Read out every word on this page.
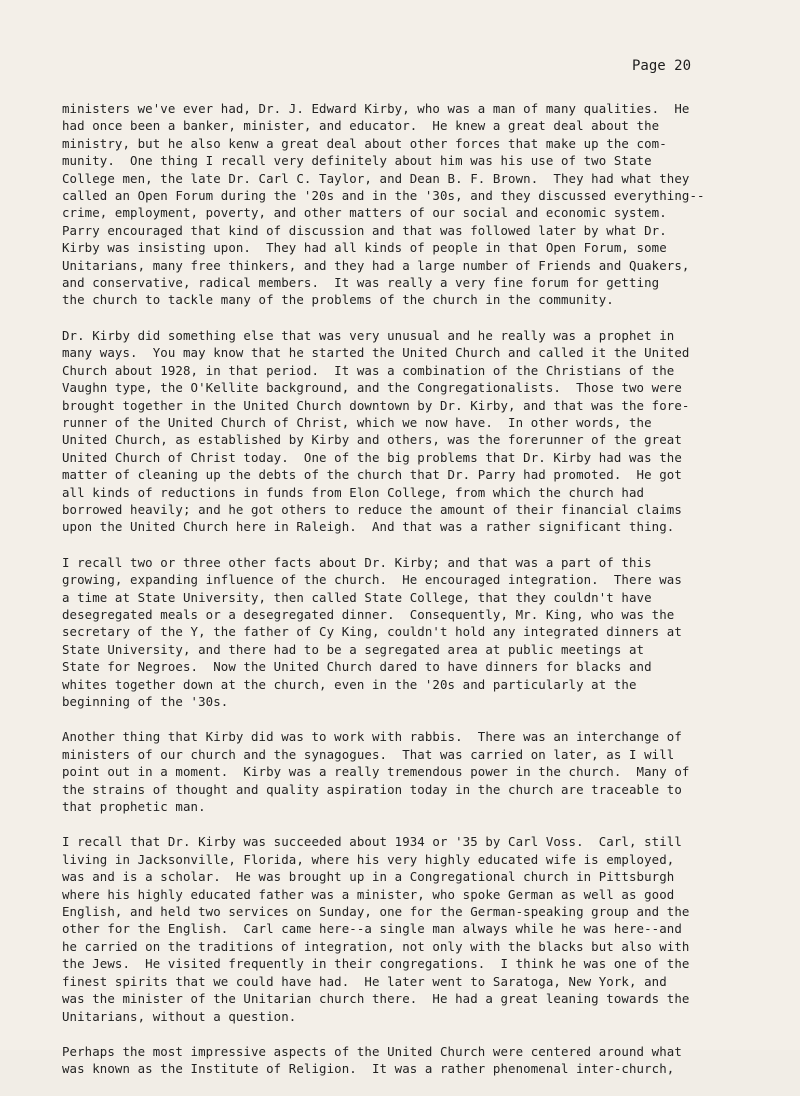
Page 20

ministers we've ever had, Dr. J. Edward Kirby, who was a man of many qualities.  He
had once been a banker, minister, and educator.  He knew a great deal about the
ministry, but he also kenw a great deal about other forces that make up the com-
munity.  One thing I recall very definitely about him was his use of two State
College men, the late Dr. Carl C. Taylor, and Dean B. F. Brown.  They had what they
called an Open Forum during the '20s and in the '30s, and they discussed everything--
crime, employment, poverty, and other matters of our social and economic system.
Parry encouraged that kind of discussion and that was followed later by what Dr.
Kirby was insisting upon.  They had all kinds of people in that Open Forum, some
Unitarians, many free thinkers, and they had a large number of Friends and Quakers,
and conservative, radical members.  It was really a very fine forum for getting
the church to tackle many of the problems of the church in the community.

Dr. Kirby did something else that was very unusual and he really was a prophet in
many ways.  You may know that he started the United Church and called it the United
Church about 1928, in that period.  It was a combination of the Christians of the
Vaughn type, the O'Kellite background, and the Congregationalists.  Those two were
brought together in the United Church downtown by Dr. Kirby, and that was the fore-
runner of the United Church of Christ, which we now have.  In other words, the
United Church, as established by Kirby and others, was the forerunner of the great
United Church of Christ today.  One of the big problems that Dr. Kirby had was the
matter of cleaning up the debts of the church that Dr. Parry had promoted.  He got
all kinds of reductions in funds from Elon College, from which the church had
borrowed heavily; and he got others to reduce the amount of their financial claims
upon the United Church here in Raleigh.  And that was a rather significant thing.

I recall two or three other facts about Dr. Kirby; and that was a part of this
growing, expanding influence of the church.  He encouraged integration.  There was
a time at State University, then called State College, that they couldn't have
desegregated meals or a desegregated dinner.  Consequently, Mr. King, who was the
secretary of the Y, the father of Cy King, couldn't hold any integrated dinners at
State University, and there had to be a segregated area at public meetings at
State for Negroes.  Now the United Church dared to have dinners for blacks and
whites together down at the church, even in the '20s and particularly at the
beginning of the '30s.

Another thing that Kirby did was to work with rabbis.  There was an interchange of
ministers of our church and the synagogues.  That was carried on later, as I will
point out in a moment.  Kirby was a really tremendous power in the church.  Many of
the strains of thought and quality aspiration today in the church are traceable to
that prophetic man.

I recall that Dr. Kirby was succeeded about 1934 or '35 by Carl Voss.  Carl, still
living in Jacksonville, Florida, where his very highly educated wife is employed,
was and is a scholar.  He was brought up in a Congregational church in Pittsburgh
where his highly educated father was a minister, who spoke German as well as good
English, and held two services on Sunday, one for the German-speaking group and the
other for the English.  Carl came here--a single man always while he was here--and
he carried on the traditions of integration, not only with the blacks but also with
the Jews.  He visited frequently in their congregations.  I think he was one of the
finest spirits that we could have had.  He later went to Saratoga, New York, and
was the minister of the Unitarian church there.  He had a great leaning towards the
Unitarians, without a question.

Perhaps the most impressive aspects of the United Church were centered around what
was known as the Institute of Religion.  It was a rather phenomenal inter-church,
